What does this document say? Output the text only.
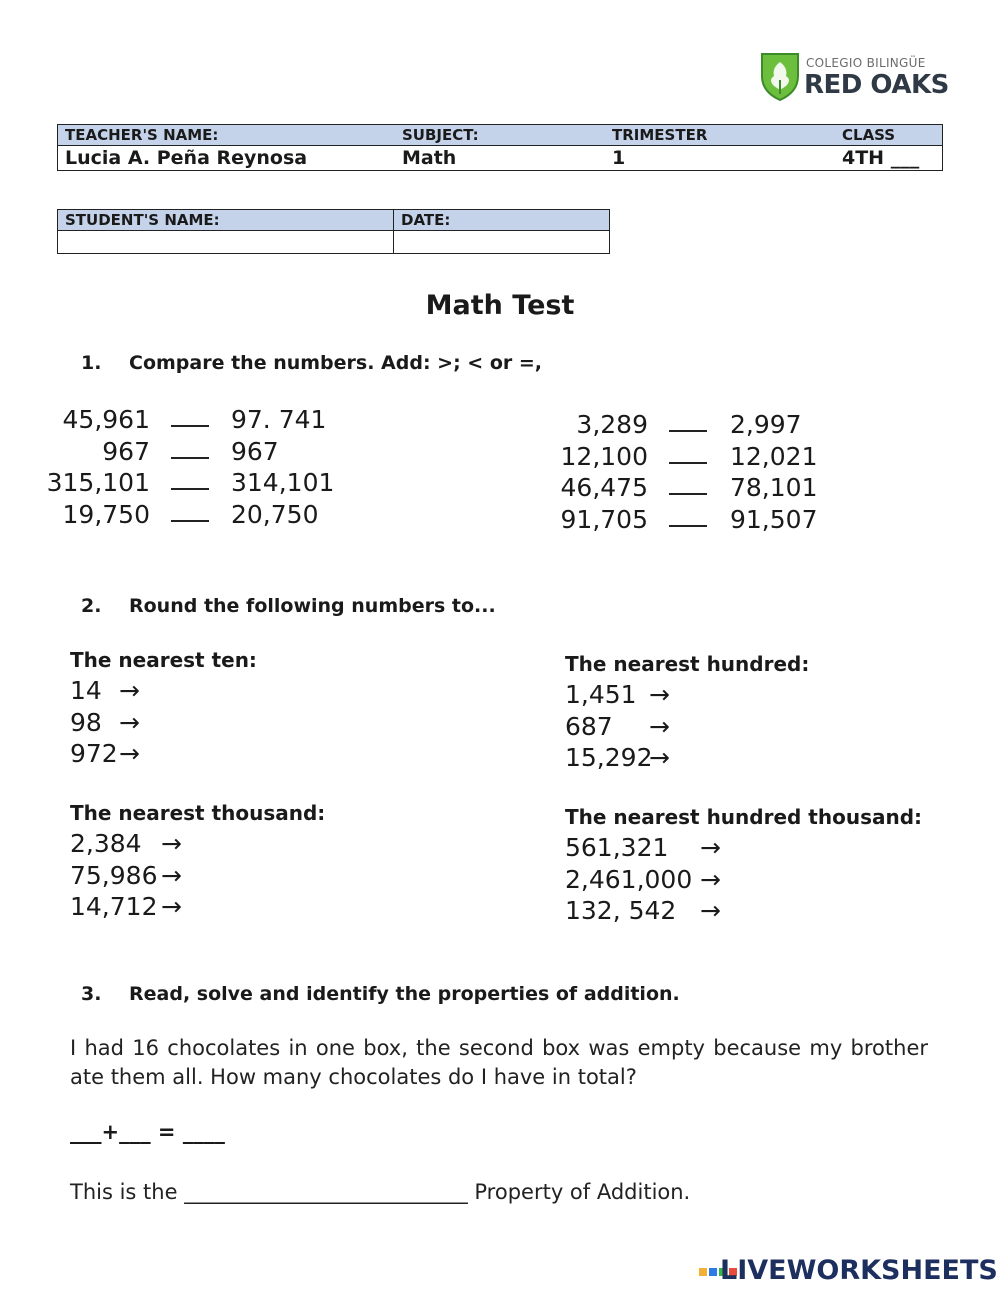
COLEGIO BILINGÜE
RED OAKS
TEACHER'S NAME:	SUBJECT:	TRIMESTER	CLASS
Lucia A. Peña Reynosa	Math	1	4TH ___
STUDENT'S NAME:	DATE:

Math Test
1. Compare the numbers. Add: >; < or =,
45,961	97. 741
967	967
315,101	314,101
19,750	20,750
3,289	2,997
12,100	12,021
46,475	78,101
91,705	91,507
2. Round the following numbers to...
The nearest ten:	The nearest hundred:
The nearest thousand:	The nearest hundred thousand:
14 →
98 →
972 →
1,451 →
687 →
15,292
→
2,384 →
75,986 →
14,712 →
561,321 →
2,461,000 →
132, 542 →
3. Read, solve and identify the properties of addition.
I had 16 chocolates in one box, the second box was empty because my brother ate them all. How many chocolates do I have in total?
___+___ = ____
This is the ___________________________ Property of Addition.
LIVEWORKSHEETS
